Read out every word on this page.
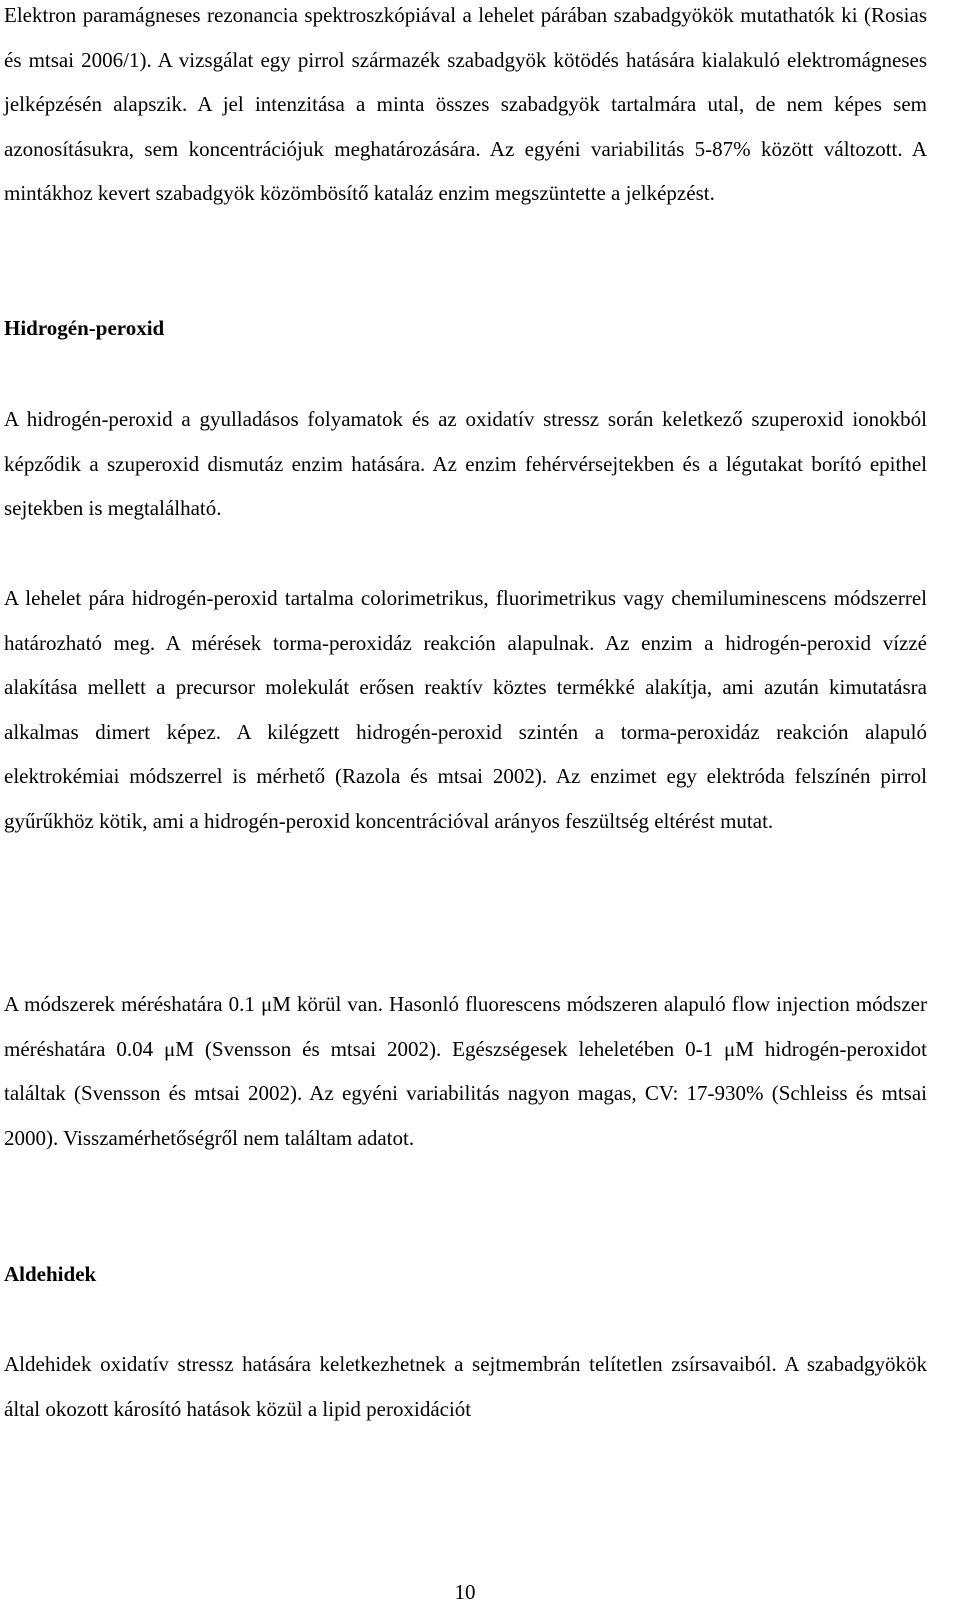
Elektron paramágneses rezonancia spektroszkópiával a lehelet párában szabadgyökök mutathatók ki (Rosias és mtsai 2006/1). A vizsgálat egy pirrol származék szabadgyök kötödés hatására kialakuló elektromágneses jelképzésén alapszik. A jel intenzitása a minta összes szabadgyök tartalmára utal, de nem képes sem azonosításukra, sem koncentrációjuk meghatározására. Az egyéni variabilitás 5-87% között változott. A mintákhoz kevert szabadgyök közömbösítő kataláz enzim megszüntette a jelképzést.

Hidrogén-peroxid

A hidrogén-peroxid a gyulladásos folyamatok és az oxidatív stressz során keletkező szuperoxid ionokból képződik a szuperoxid dismutáz enzim hatására. Az enzim fehérvérsejtekben és a légutakat borító epithel sejtekben is megtalálható.

A lehelet pára hidrogén-peroxid tartalma colorimetrikus, fluorimetrikus vagy chemiluminescens módszerrel határozható meg. A mérések torma-peroxidáz reakción alapulnak. Az enzim a hidrogén-peroxid vízzé alakítása mellett a precursor molekulát erősen reaktív köztes termékké alakítja, ami azután kimutatásra alkalmas dimert képez. A kilégzett hidrogén-peroxid szintén a torma-peroxidáz reakción alapuló elektrokémiai módszerrel is mérhető (Razola és mtsai 2002). Az enzimet egy elektróda felszínén pirrol gyűrűkhöz kötik, ami a hidrogén-peroxid koncentrációval arányos feszültség eltérést mutat.

A módszerek méréshatára 0.1 μM körül van. Hasonló fluorescens módszeren alapuló flow injection módszer méréshatára 0.04 μM (Svensson és mtsai 2002). Egészségesek leheletében 0-1 μM hidrogén-peroxidot találtak (Svensson és mtsai 2002). Az egyéni variabilitás nagyon magas, CV: 17-930% (Schleiss és mtsai 2000). Visszamérhetőségről nem találtam adatot.

Aldehidek

Aldehidek oxidatív stressz hatására keletkezhetnek a sejtmembrán telítetlen zsírsavaiból. A szabadgyökök által okozott károsító hatások közül a lipid peroxidációt

10
